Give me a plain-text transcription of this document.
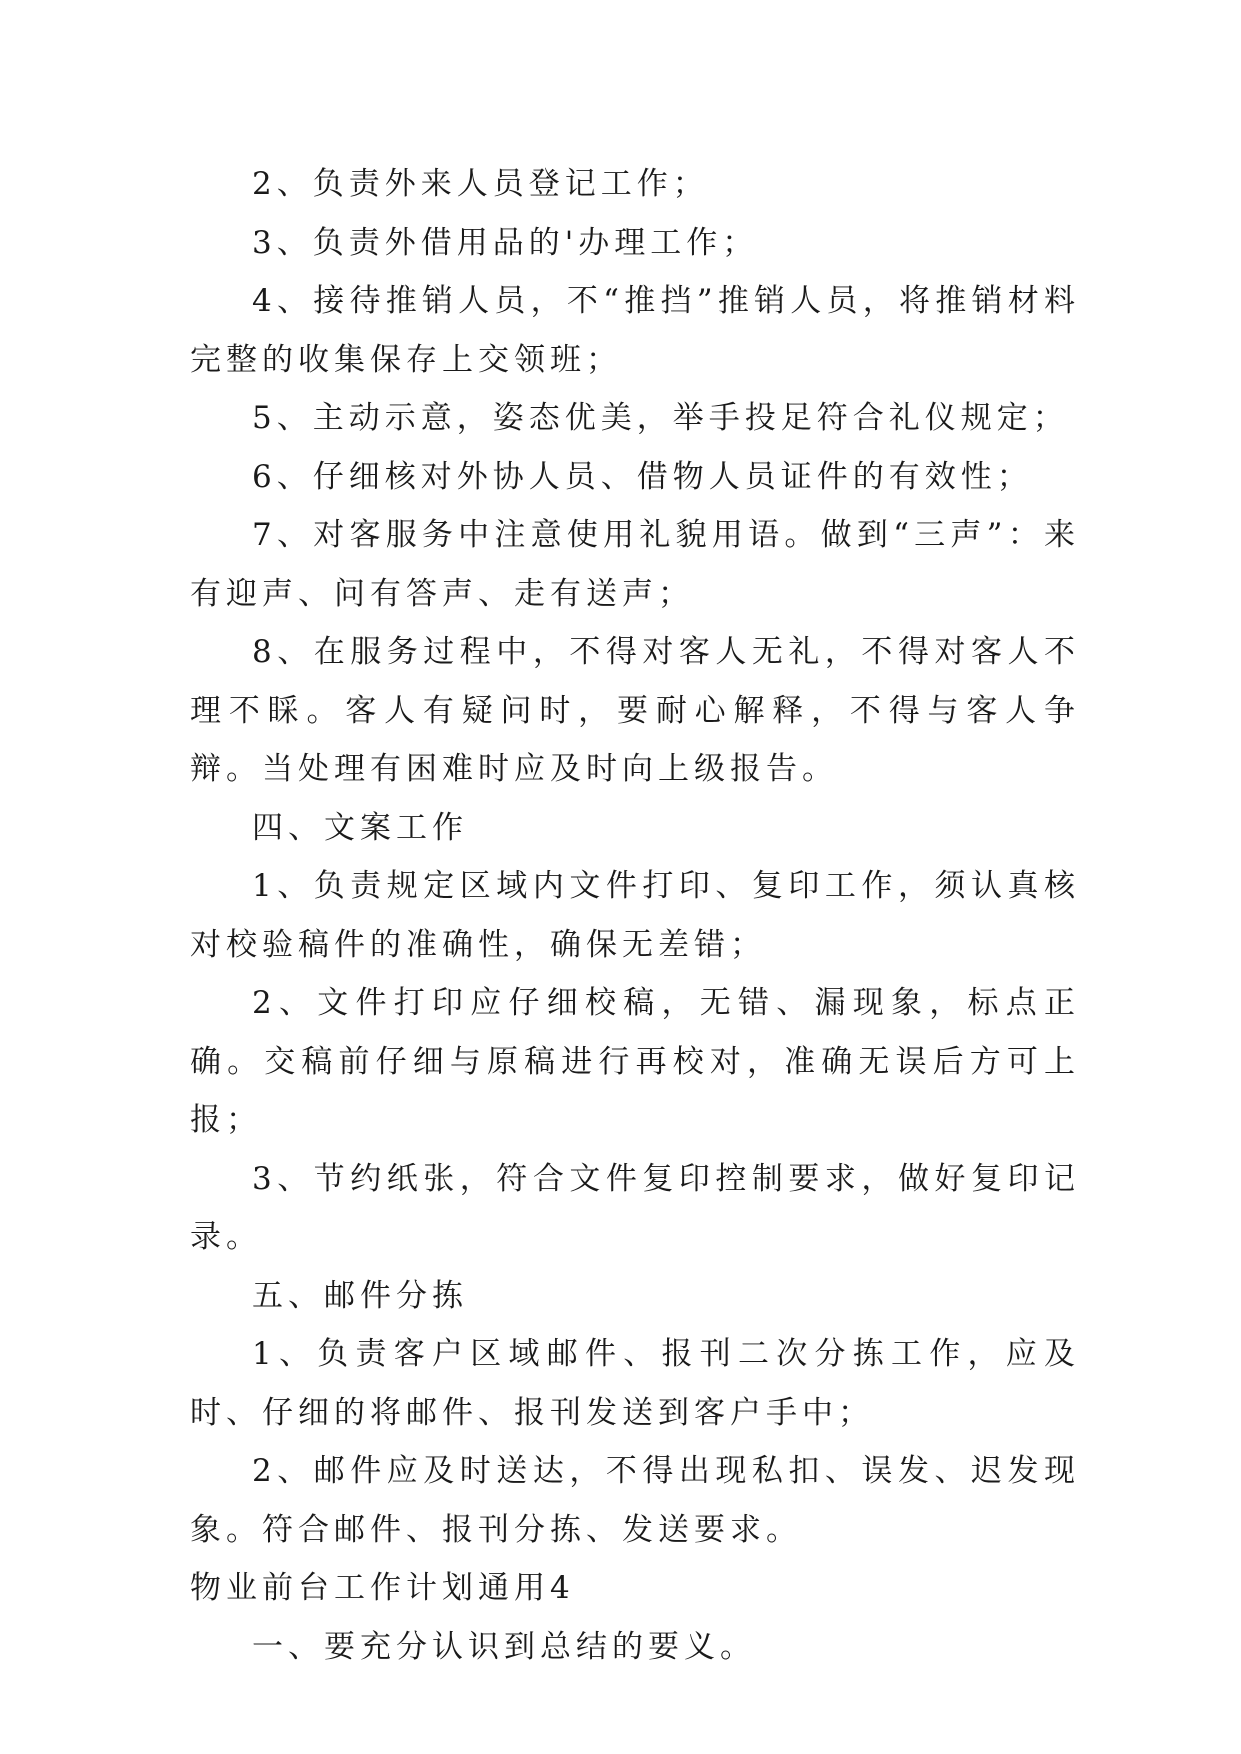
2、负责外来人员登记工作；

3、负责外借用品的'办理工作；

4、接待推销人员，不“推挡”推销人员，将推销材料完整的收集保存上交领班；

5、主动示意，姿态优美，举手投足符合礼仪规定；

6、仔细核对外协人员、借物人员证件的有效性；

7、对客服务中注意使用礼貌用语。做到“三声”：来有迎声、问有答声、走有送声；

8、在服务过程中，不得对客人无礼，不得对客人不理不睬。客人有疑问时，要耐心解释，不得与客人争辩。当处理有困难时应及时向上级报告。

四、文案工作

1、负责规定区域内文件打印、复印工作，须认真核对校验稿件的准确性，确保无差错；

2、文件打印应仔细校稿，无错、漏现象，标点正确。交稿前仔细与原稿进行再校对，准确无误后方可上报；

3、节约纸张，符合文件复印控制要求，做好复印记录。

五、邮件分拣

1、负责客户区域邮件、报刊二次分拣工作，应及时、仔细的将邮件、报刊发送到客户手中；

2、邮件应及时送达，不得出现私扣、误发、迟发现象。符合邮件、报刊分拣、发送要求。

物业前台工作计划通用4

一、要充分认识到总结的要义。
